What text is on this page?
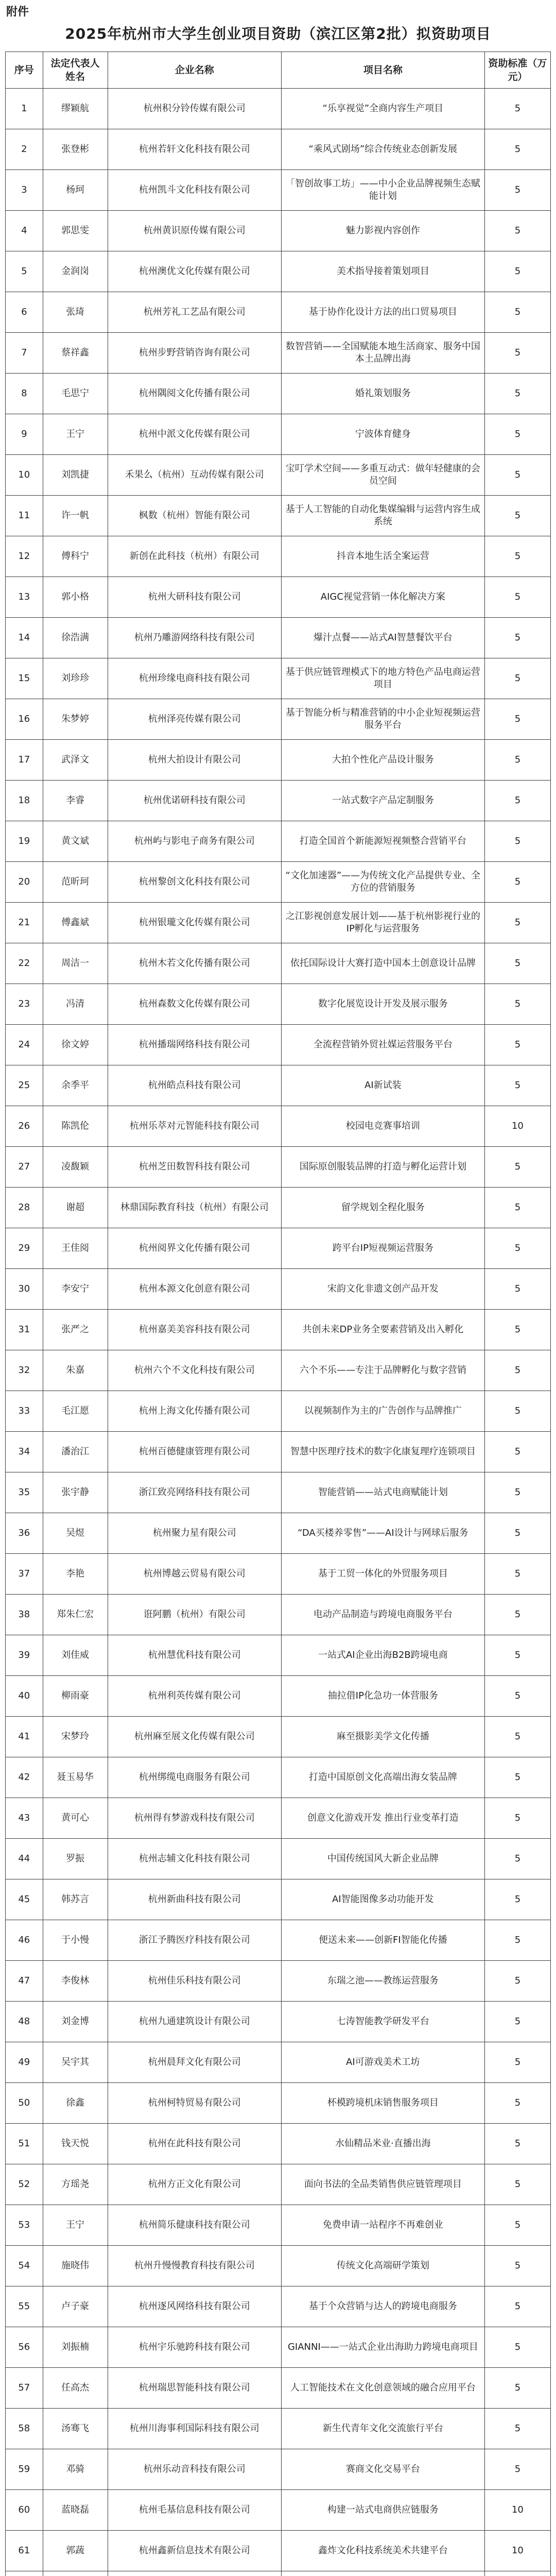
附件
2025年杭州市大学生创业项目资助（滨江区第2批）拟资助项目
序号	法定代表人姓名	企业名称	项目名称	资助标准（万元）
1	缪颖航	杭州积分铃传媒有限公司	“乐享视觉”全商内容生产项目	5
2	张登彬	杭州若轩文化科技有限公司	“乘风式剧场”综合传统业态创新发展	5
3	杨珂	杭州凯斗文化科技有限公司	「智创故事工坊」——中小企业品牌视频生态赋能计划	5
4	郭思雯	杭州黄识原传媒有限公司	魅力影视内容创作	5
5	金润岗	杭州澳优文化传媒有限公司	美术指导接着策划项目	5
6	张琦	杭州芳礼工艺品有限公司	基于协作化设计方法的出口贸易项目	5
7	蔡祥鑫	杭州步野营销咨询有限公司	数智营销——全国赋能本地生活商家、服务中国本土品牌出海	5
8	毛思宁	杭州隅阅文化传播有限公司	婚礼策划服务	5
9	王宁	杭州中派文化传媒有限公司	宁波体育健身	5
10	刘凯捷	禾果么（杭州）互动传媒有限公司	宝叮学术空间——多重互动式：做年轻健康的会员空间	5
11	许一帆	枫数（杭州）智能有限公司	基于人工智能的自动化集媒编辑与运营内容生成系统	5
12	傅科宁	新创在此科技（杭州）有限公司	抖音本地生活全案运营	5
13	郭小格	杭州大研科技有限公司	AIGC视觉营销一体化解决方案	5
14	徐浩满	杭州乃雕游网络科技有限公司	爆汁点餐——站式AI智慧餐饮平台	5
15	刘珍珍	杭州珍缘电商科技有限公司	基于供应链管理模式下的地方特色产品电商运营项目	5
16	朱梦婷	杭州泽亮传媒有限公司	基于智能分析与精准营销的中小企业短视频运营服务平台	5
17	武泽文	杭州大拍设计有限公司	大拍个性化产品设计服务	5
18	李睿	杭州优诺研科技有限公司	一站式数字产品定制服务	5
19	黄文斌	杭州屿与影电子商务有限公司	打造全国首个新能源短视频整合营销平台	5
20	范昕珂	杭州黎创文化科技有限公司	“文化加速器”——为传统文化产品提供专业、全方位的营销服务	5
21	傅鑫斌	杭州银瓏文化传媒有限公司	之江影视创意发展计划——基于杭州影视行业的IP孵化与运营服务	5
22	周洁一	杭州木若文化传播有限公司	依托国际设计大赛打造中国本土创意设计品牌	5
23	冯清	杭州森数文化传媒有限公司	数字化展览设计开发及展示服务	5
24	徐文婷	杭州播瑞网络科技有限公司	全流程营销外贸社媒运营服务平台	5
25	余季平	杭州皓点科技有限公司	AI新试装	5
26	陈凯伦	杭州乐萃对元智能科技有限公司	校园电竞赛事培训	10
27	凌馥颖	杭州芝田数智科技有限公司	国际原创服装品牌的打造与孵化运营计划	5
28	谢超	林鼎国际教育科技（杭州）有限公司	留学规划全程化服务	5
29	王佳阅	杭州阅界文化传播有限公司	跨平台IP短视频运营服务	5
30	李安宁	杭州本源文化创意有限公司	宋韵文化非遗文创产品开发	5
31	张严之	杭州嘉美美容科技有限公司	共创未来DP业务全要素营销及出入孵化	5
32	朱嘉	杭州六个不文化科技有限公司	六个不乐——专注于品牌孵化与数字营销	5
33	毛江愿	杭州上海文化传播有限公司	以视频制作为主的广告创作与品牌推广	5
34	潘治江	杭州百德健康管理有限公司	智慧中医理疗技术的数字化康复理疗连锁项目	5
35	张宇静	浙江致亮网络科技有限公司	智能营销——站式电商赋能计划	5
36	吴煜	杭州聚力星有限公司	“DA买楼养零售”——AI设计与网球后服务	5
37	李艳	杭州博越云贸易有限公司	基于工贸一体化的外贸服务项目	5
38	郑朱仁宏	诳阿鹏（杭州）有限公司	电动产品制造与跨境电商服务平台	5
39	刘佳威	杭州慧优科技有限公司	一站式AI企业出海B2B跨境电商	5
40	柳雨豪	杭州利英传媒有限公司	抽拉借IP化急功一体营服务	5
41	宋梦玲	杭州麻至展文化传媒有限公司	麻至摄影美学文化传播	5
42	聂玉易华	杭州绑缆电商服务有限公司	打造中国原创文化高端出海女装品牌	5
43	黄可心	杭州得有梦游戏科技有限公司	创意文化游戏开发 推出行业变革打造	5
44	罗振	杭州志辅文化科技有限公司	中国传统国风大新企业品牌	5
45	韩苏言	杭州新曲科技有限公司	AI智能图像多动功能开发	5
46	于小慢	浙江予腾医疗科技有限公司	便送未来——创新FI智能化传播	5
47	李俊林	杭州佳乐科技有限公司	东瑞之池——教练运营服务	5
48	刘金博	杭州九通建筑设计有限公司	七涛智能教学研发平台	5
49	吴宇其	杭州晨拜文化有限公司	AI可游戏美术工坊	5
50	徐鑫	杭州柯特贸易有限公司	杯模跨境机床销售服务项目	5
51	钱天悦	杭州在此科技有限公司	水仙精品米业·直播出海	5
52	方瑶尧	杭州方正文化有限公司	面向书法的全品类销售供应链管理项目	5
53	王宁	杭州简乐健康科技有限公司	免费申请一站程序不再难创业	5
54	施晓伟	杭州升慢慢教育科技有限公司	传统文化高端研学策划	5
55	卢子豪	杭州逐风网络科技有限公司	基于个众营销与达人的跨境电商服务	5
56	刘振楠	杭州宇乐驰跨科技有限公司	GIANNI——一站式企业出海助力跨境电商项目	5
57	任高杰	杭州瑞思智能科技有限公司	人工智能技术在文化创意领域的融合应用平台	5
58	汤骞飞	杭州川海事利国际科技有限公司	新生代青年文化交流旅行平台	5
59	邓骑	杭州乐动音科技有限公司	赛商文化交易平台	5
60	蓝晓磊	杭州毛基信息科技有限公司	构建一站式电商供应链服务	10
61	郭蔬	杭州鑫新信息技术有限公司	鑫炸文化科技系统美术共建平台	10
